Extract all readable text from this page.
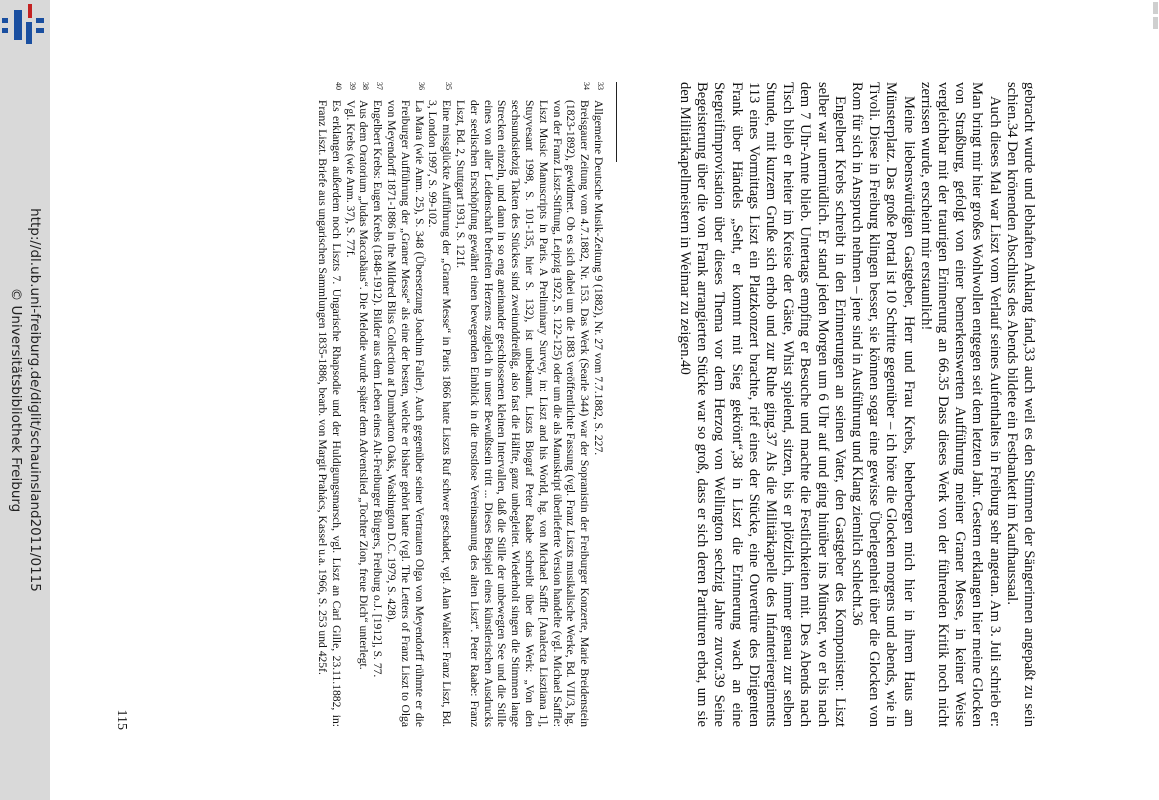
http://dl.ub.uni-freiburg.de/diglit/schauinsland2011/0115
© Universitätsbibliothek Freiburg	gebracht wurde und lebhaften Anklang fand,33 auch weil es den Stimmen der Sängerinnen angepaßt zu sein schien.34 Den krönenden Abschluss des Abends bildete ein Festbankett im Kaufhaussaal.

Auch dieses Mal war Liszt vom Verlauf seines Aufenthaltes in Freiburg sehr angetan. Am 3. Juli schrieb er: Man bringt mir hier großes Wohlwollen entgegen seit dem letzten Jahr. Gestern erklangen hier meine Glocken von Straßburg, gefolgt von einer bemerkenswerten Aufführung meiner Graner Messe, in keiner Weise vergleichbar mit der traurigen Erinnerung an 66.35 Dass dieses Werk von der führenden Kritik noch nicht zerrissen wurde, erscheint mir erstaunlich!

Meine liebenswürdigen Gastgeber, Herr und Frau Krebs, beherbergen mich hier in ihrem Haus am Münsterplatz. Das große Portal ist 10 Schritte gegenüber – ich höre die Glocken morgens und abends, wie in Tivoli. Diese in Freiburg klingen besser, sie können sogar eine gewisse Überlegenheit über die Glocken von Rom für sich in Anspruch nehmen – jene sind in Ausführung und Klang ziemlich schlecht.36

Engelbert Krebs schreibt in den Erinnerungen an seinen Vater, den Gastgeber des Komponisten: Liszt selber war unermüdlich. Er stand jeden Morgen um 6 Uhr auf und ging hinüber ins Münster, wo er bis nach dem 7 Uhr-Amte blieb. Untertags empfing er Besuche und machte die Festlichkeiten mit. Des Abends nach Tisch blieb er heiter im Kreise der Gäste, Whist spielend, sitzen, bis er plötzlich, immer genau zur selben Stunde, mit kurzem Gruße sich erhob und zur Ruhe ging.37 Als die Militärkapelle des Infanterieregiments 113 eines Vormittags Liszt ein Platzkonzert brachte, rief eines der Stücke, eine Ouvertüre des Dirigenten Frank über Händels „Seht, er kommt mit Sieg gekrönt“,38 in Liszt die Erinnerung wach an eine Stegreifimprovisation über dieses Thema vor dem Herzog von Wellington sechzig Jahre zuvor.39 Seine Begeisterung über die von Frank arrangierten Stücke war so groß, dass er sich deren Partituren erbat, um sie den Militärkapellmeistern in Weimar zu zeigen.40

33
Allgemeine Deutsche Musik-Zeitung 9 (1882), Nr. 27 vom 7.7.1882, S. 227.
34
Breisgauer Zeitung vom 4.7.1882, Nr. 153. Das Werk (Searle 344) war der Sopranistin der Freiburger Konzerte, Marie Breidenstein (1823-1892), gewidmet. Ob es sich dabei um die 1883 veröffentlichte Fassung (vgl. Franz Liszts musikalische Werke, Bd. VII/3, hg. von der Franz Liszt-Stiftung, Leipzig 1922, S. 122-125) oder um die als Manuskript überlieferte Version handelte (vgl. Michael Saffle: Liszt Music Manuscripts in Paris. A Preliminary Survey, in: Liszt and his World, hg. von Michael Saffle [Analecta Lisztiana 1], Stuyvesant 1998, S. 101-135, hier S. 132), ist unbekannt. Liszts Biograf Peter Raabe schreibt über das Werk: „Von den sechsundsiebzig Takten des Stückes sind zweiunddreißig, also fast die Hälfte, ganz unbegleitet. Wiederholt singen die Stimmen lange Strecken einzeln, und dann in so eng aneinander geschlossenen kleinen Intervallen, daß die Stille der unbewegten See und die Stille eines von aller Leidenschaft befreiten Herzens zugleich in unser Bewußtsein tritt ... Dieses Beispiel eines künstlerischen Ausdrucks der seelischen Erschöpfung gewährt einen bewegenden Einblick in die trostlose Vereinsamung des alten Liszt“. Peter Raabe: Franz Liszt, Bd. 2, Stuttgart 1931, S. 121f.
35
Eine missglückte Aufführung der „Graner Messe“ in Paris 1866 hatte Liszts Ruf schwer geschadet, vgl. Alan Walker: Franz Liszt, Bd. 3, London 1997, S. 99-102.
36
La Mara (wie Anm. 25), S. 348 (Übersetzung Joachim Faller). Auch gegenüber seiner Vertrauten Olga von Meyendorff rühmte er die Freiburger Aufführung der „Graner Messe“ als eine der besten, welche er bisher gehört hatte (vgl. The Letters of Franz Liszt to Olga von Meyendorff 1871-1886 in the Mildred Bliss Collection at Dumbarton Oaks, Washington D.C. 1979, S. 428).
37
Engelbert Krebs: Eugen Krebs (1848-1912). Bilder aus dem Leben eines Alt-Freiburger Bürgers, Freiburg o.J. [1912], S. 77.
38
Aus dem Oratorium „Judas Maccabäus“. Die Melodie wurde später dem Adventslied „Tochter Zion, freue Dich“ unterlegt.
39
Vgl. Krebs (wie Anm. 37), S. 77f.
40
Es erklangen außerdem noch Liszts 7. Ungarische Rhapsodie und der Huldigungsmarsch, vgl. Liszt an Carl Gille, 23.11.1882, in: Franz Liszt. Briefe aus ungarischen Sammlungen 1835-1886, bearb. von Margit Prahács, Kassel u.a. 1966, S. 253 und 425f.
115
